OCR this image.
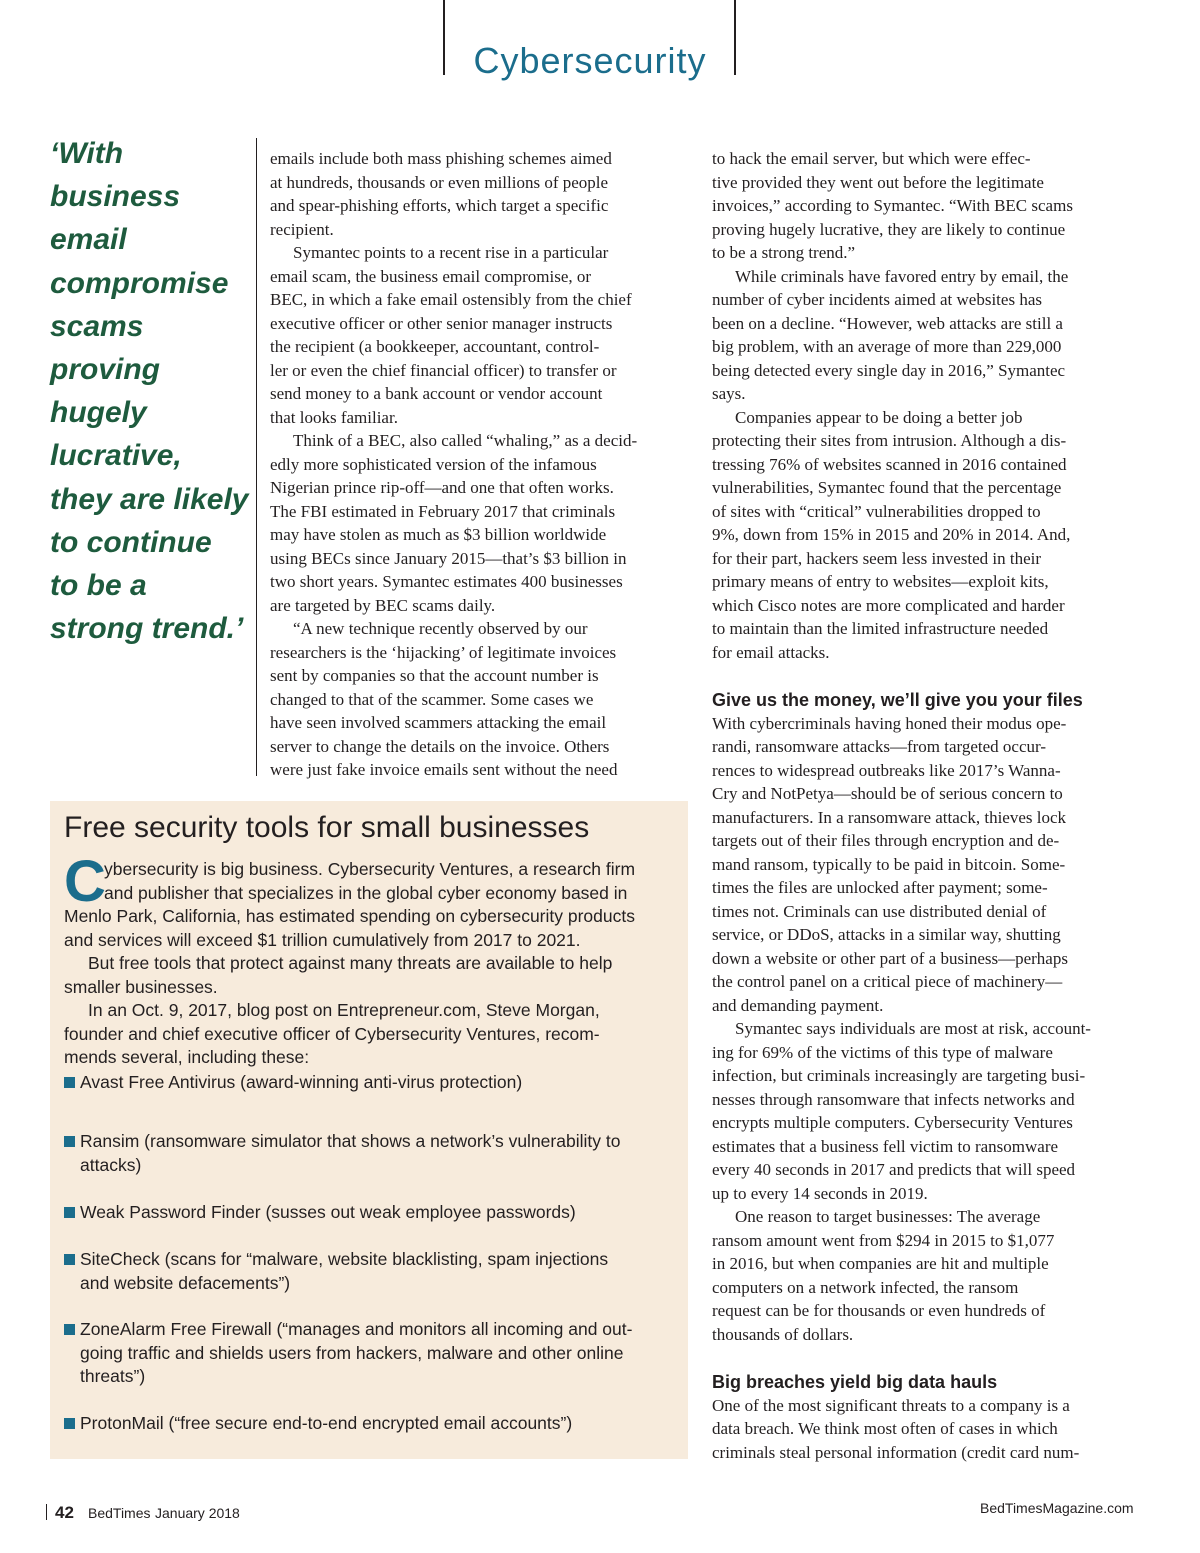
Cybersecurity
‘With
business
email
compromise
scams
proving
hugely
lucrative,
they are likely
to continue
to be a
strong trend.’
emails include both mass phishing schemes aimed
at hundreds, thousands or even millions of people
and spear-phishing efforts, which target a specific
recipient.
Symantec points to a recent rise in a particular
email scam, the business email compromise, or
BEC, in which a fake email ostensibly from the chief
executive officer or other senior manager instructs
the recipient (a bookkeeper, accountant, control-
ler or even the chief financial officer) to transfer or
send money to a bank account or vendor account
that looks familiar.
Think of a BEC, also called “whaling,” as a decid-
edly more sophisticated version of the infamous
Nigerian prince rip-off—and one that often works.
The FBI estimated in February 2017 that criminals
may have stolen as much as $3 billion worldwide
using BECs since January 2015—that’s $3 billion in
two short years. Symantec estimates 400 businesses
are targeted by BEC scams daily.
“A new technique recently observed by our
researchers is the ‘hijacking’ of legitimate invoices
sent by companies so that the account number is
changed to that of the scammer. Some cases we
have seen involved scammers attacking the email
server to change the details on the invoice. Others
were just fake invoice emails sent without the need
to hack the email server, but which were effec-
tive provided they went out before the legitimate
invoices,” according to Symantec. “With BEC scams
proving hugely lucrative, they are likely to continue
to be a strong trend.”
While criminals have favored entry by email, the
number of cyber incidents aimed at websites has
been on a decline. “However, web attacks are still a
big problem, with an average of more than 229,000
being detected every single day in 2016,” Symantec
says.
Companies appear to be doing a better job
protecting their sites from intrusion. Although a dis-
tressing 76% of websites scanned in 2016 contained
vulnerabilities, Symantec found that the percentage
of sites with “critical” vulnerabilities dropped to
9%, down from 15% in 2015 and 20% in 2014. And,
for their part, hackers seem less invested in their
primary means of entry to websites—exploit kits,
which Cisco notes are more complicated and harder
to maintain than the limited infrastructure needed
for email attacks.
Give us the money, we’ll give you your files
With cybercriminals having honed their modus ope-
randi, ransomware attacks—from targeted occur-
rences to widespread outbreaks like 2017’s Wanna-
Cry and NotPetya—should be of serious concern to
manufacturers. In a ransomware attack, thieves lock
targets out of their files through encryption and de-
mand ransom, typically to be paid in bitcoin. Some-
times the files are unlocked after payment; some-
times not. Criminals can use distributed denial of
service, or DDoS, attacks in a similar way, shutting
down a website or other part of a business—perhaps
the control panel on a critical piece of machinery—
and demanding payment.
Symantec says individuals are most at risk, account-
ing for 69% of the victims of this type of malware
infection, but criminals increasingly are targeting busi-
nesses through ransomware that infects networks and
encrypts multiple computers. Cybersecurity Ventures
estimates that a business fell victim to ransomware
every 40 seconds in 2017 and predicts that will speed
up to every 14 seconds in 2019.
One reason to target businesses: The average
ransom amount went from $294 in 2015 to $1,077
in 2016, but when companies are hit and multiple
computers on a network infected, the ransom
request can be for thousands or even hundreds of
thousands of dollars.
Big breaches yield big data hauls
One of the most significant threats to a company is a
data breach. We think most often of cases in which
criminals steal personal information (credit card num-
Free security tools for small businesses
C
ybersecurity is big business. Cybersecurity Ventures, a research firm
and publisher that specializes in the global cyber economy based in
Menlo Park, California, has estimated spending on cybersecurity products
and services will exceed $1 trillion cumulatively from 2017 to 2021.
But free tools that protect against many threats are available to help
smaller businesses.
In an Oct. 9, 2017, blog post on Entrepreneur.com, Steve Morgan,
founder and chief executive officer of Cybersecurity Ventures, recom-
mends several, including these:
Avast Free Antivirus (award-winning anti-virus protection)
Ransim (ransomware simulator that shows a network’s vulnerability to
attacks)
Weak Password Finder (susses out weak employee passwords)
SiteCheck (scans for “malware, website blacklisting, spam injections
and website defacements”)
ZoneAlarm Free Firewall (“manages and monitors all incoming and out-
going traffic and shields users from hackers, malware and other online
threats”)
ProtonMail (“free secure end-to-end encrypted email accounts”)
42 BedTimes January 2018	BedTimesMagazine.com
